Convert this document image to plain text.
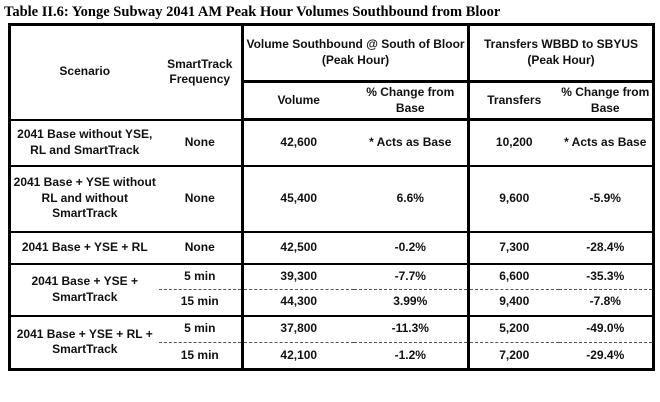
Table II.6: Yonge Subway 2041 AM Peak Hour Volumes Southbound from Bloor
Scenario	SmartTrack Frequency	Volume Southbound @ South of Bloor (Peak Hour)		Transfers WBBD to SBYUS (Peak Hour)	
		Volume	% Change from Base	Transfers	% Change from Base
2041 Base without YSE, RL and SmartTrack	None	42,600	* Acts as Base	10,200	* Acts as Base
2041 Base + YSE without RL and without SmartTrack	None	45,400	6.6%	9,600	-5.9%
2041 Base + YSE + RL	None	42,500	-0.2%	7,300	-28.4%
2041 Base + YSE + SmartTrack	5 min	39,300	-7.7%	6,600	-35.3%
	15 min	44,300	3.99%	9,400	-7.8%
2041 Base + YSE + RL + SmartTrack	5 min	37,800	-11.3%	5,200	-49.0%
	15 min	42,100	-1.2%	7,200	-29.4%
